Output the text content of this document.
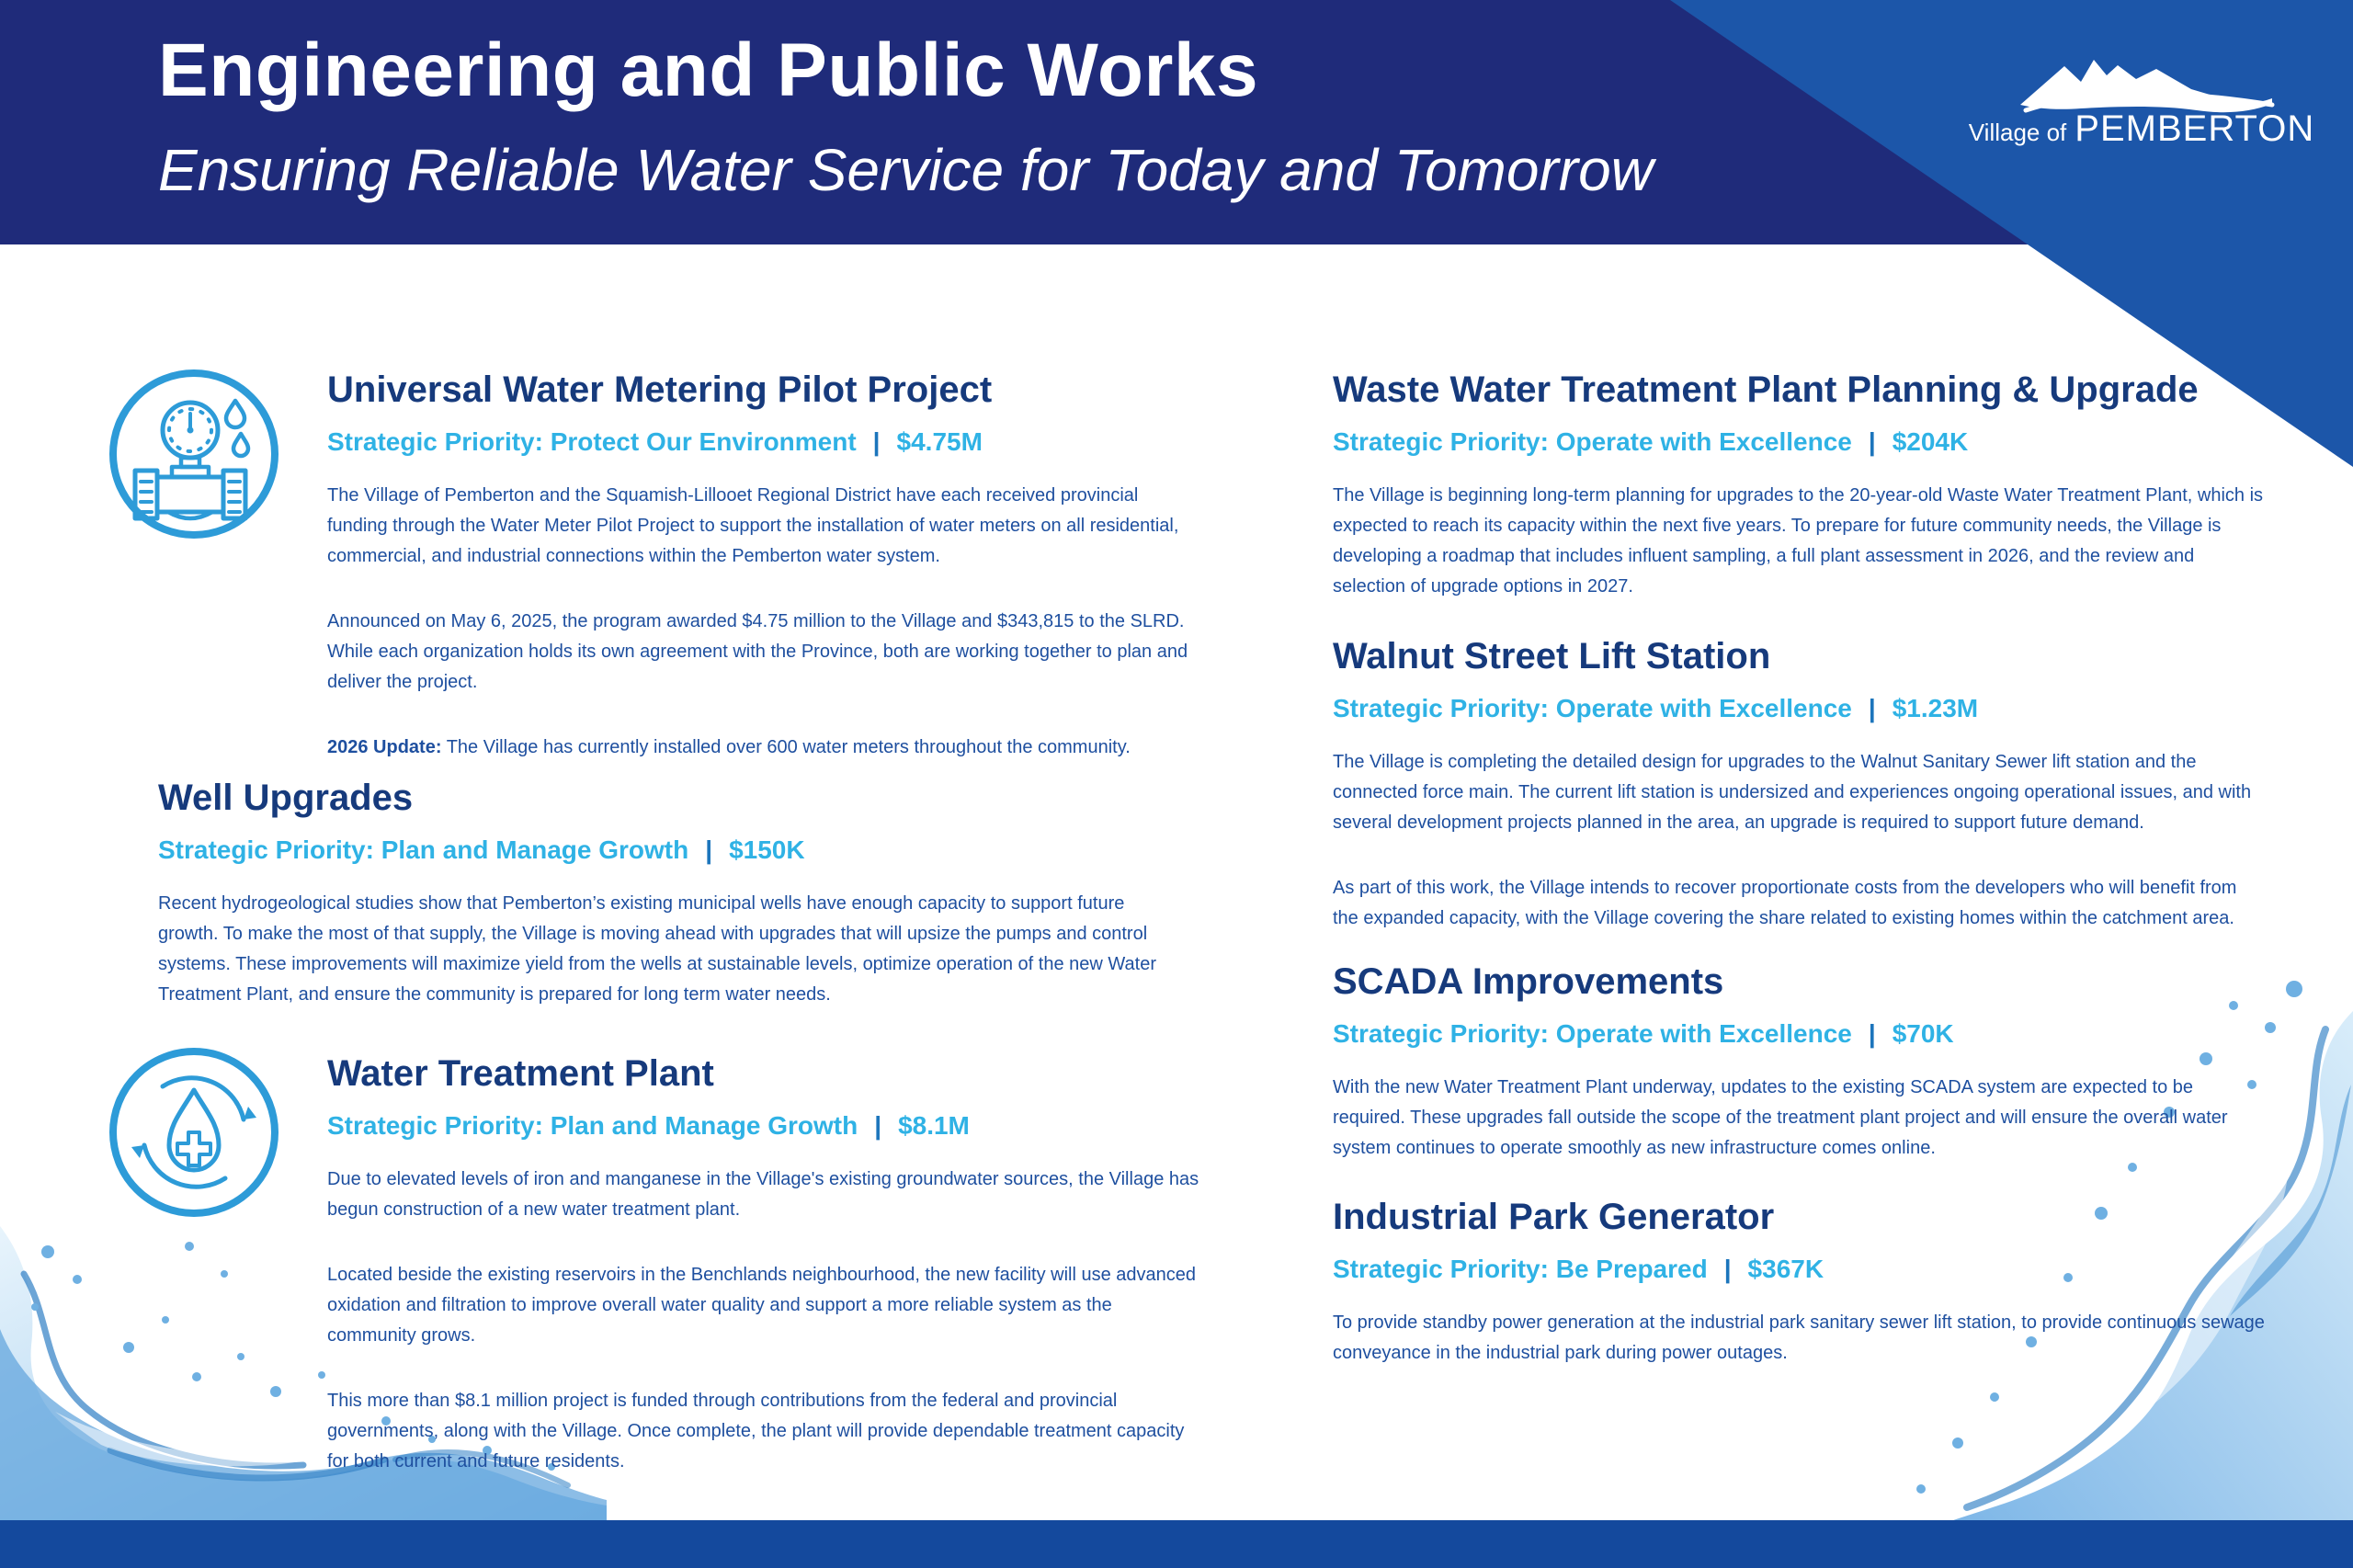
Engineering and Public Works
Ensuring Reliable Water Service for Today and Tomorrow
Village of PEMBERTON
Universal Water Metering Pilot Project
Strategic Priority: Protect Our Environment | $4.75M

The Village of Pemberton and the Squamish-Lillooet Regional District have each received provincial funding through the Water Meter Pilot Project to support the installation of water meters on all residential, commercial, and industrial connections within the Pemberton water system.

Announced on May 6, 2025, the program awarded $4.75 million to the Village and $343,815 to the SLRD. While each organization holds its own agreement with the Province, both are working together to plan and deliver the project.

2026 Update: The Village has currently installed over 600 water meters throughout the community.

Well Upgrades
Strategic Priority: Plan and Manage Growth | $150K

Recent hydrogeological studies show that Pemberton’s existing municipal wells have enough capacity to support future growth. To make the most of that supply, the Village is moving ahead with upgrades that will upsize the pumps and control systems. These improvements will maximize yield from the wells at sustainable levels, optimize operation of the new Water Treatment Plant, and ensure the community is prepared for long term water needs.

Water Treatment Plant
Strategic Priority: Plan and Manage Growth | $8.1M

Due to elevated levels of iron and manganese in the Village's existing groundwater sources, the Village has begun construction of a new water treatment plant.

Located beside the existing reservoirs in the Benchlands neighbourhood, the new facility will use advanced oxidation and filtration to improve overall water quality and support a more reliable system as the community grows.

This more than $8.1 million project is funded through contributions from the federal and provincial governments, along with the Village. Once complete, the plant will provide dependable treatment capacity for both current and future residents.

Waste Water Treatment Plant Planning & Upgrade
Strategic Priority: Operate with Excellence | $204K

The Village is beginning long-term planning for upgrades to the 20-year-old Waste Water Treatment Plant, which is expected to reach its capacity within the next five years. To prepare for future community needs, the Village is developing a roadmap that includes influent sampling, a full plant assessment in 2026, and the review and selection of upgrade options in 2027.

Walnut Street Lift Station
Strategic Priority: Operate with Excellence | $1.23M

The Village is completing the detailed design for upgrades to the Walnut Sanitary Sewer lift station and the connected force main. The current lift station is undersized and experiences ongoing operational issues, and with several development projects planned in the area, an upgrade is required to support future demand.

As part of this work, the Village intends to recover proportionate costs from the developers who will benefit from the expanded capacity, with the Village covering the share related to existing homes within the catchment area.

SCADA Improvements
Strategic Priority: Operate with Excellence | $70K

With the new Water Treatment Plant underway, updates to the existing SCADA system are expected to be required. These upgrades fall outside the scope of the treatment plant project and will ensure the overall water system continues to operate smoothly as new infrastructure comes online.

Industrial Park Generator
Strategic Priority: Be Prepared | $367K

To provide standby power generation at the industrial park sanitary sewer lift station, to provide continuous sewage conveyance in the industrial park during power outages.
